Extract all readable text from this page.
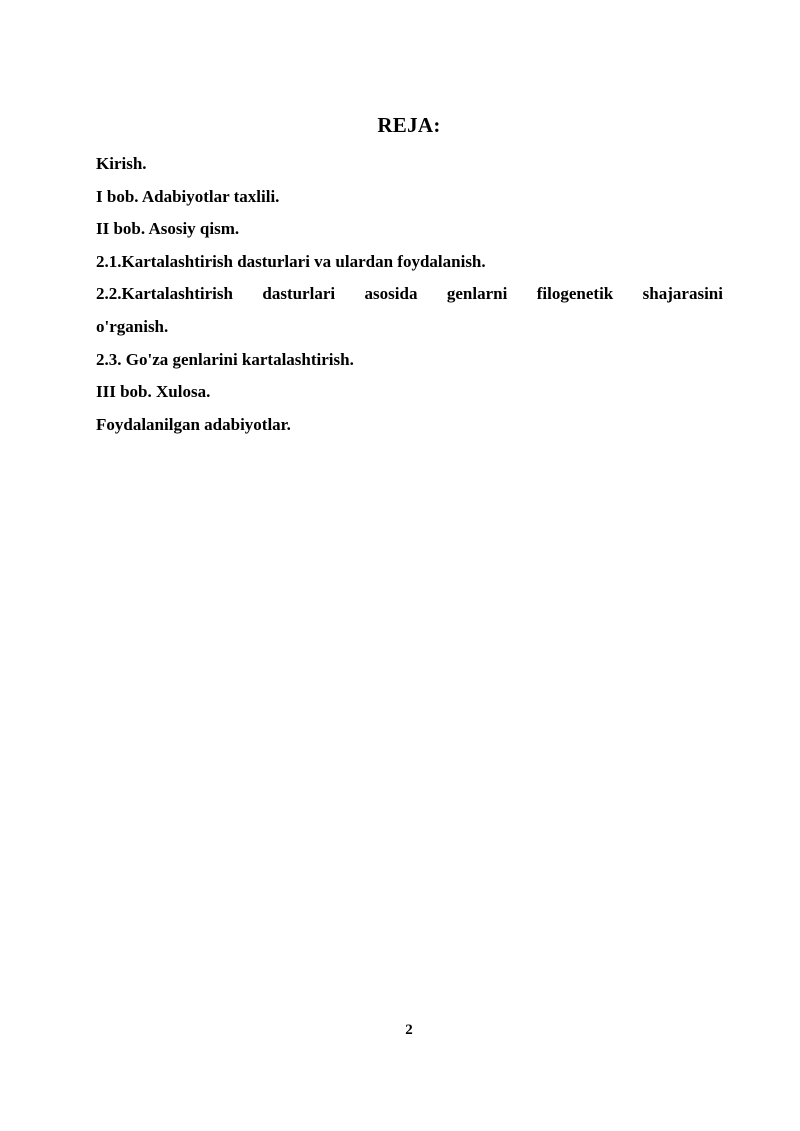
REJA:
Kirish.
I bob. Adabiyotlar taxlili.
II bob. Asosiy qism.
2.1.Kartalashtirish dasturlari va ulardan foydalanish.
2.2.Kartalashtirish dasturlari asosida genlarni filogenetik shajarasini
o'rganish.
2.3. Go'za genlarini kartalashtirish.
III bob. Xulosa.
Foydalanilgan adabiyotlar.
2
